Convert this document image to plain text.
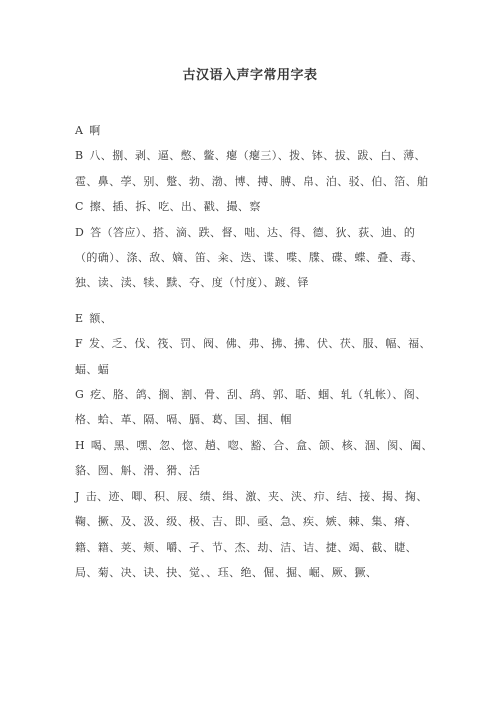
古汉语入声字常用字表

A 啊

B 八、捌、剥、逼、憋、鳖、瘪（瘪三）、拨、钵、拔、跋、白、薄、雹、鼻、荸、别、蹩、勃、渤、博、搏、膊、帛、泊、驳、伯、箔、舶

C 擦、插、拆、吃、出、戳、撮、察

D 答（答应）、搭、滴、跌、督、咄、达、得、德、狄、荻、迪、的（的确）、涤、敌、嫡、笛、籴、迭、谍、喋、牒、碟、蝶、叠、毒、独、读、渎、犊、黩、夺、度（忖度）、踱、铎

E 额、

F 发、乏、伐、筏、罚、阀、佛、弗、拂、拂、伏、茯、服、幅、福、蝠、蝠

G 疙、胳、鸽、搁、割、骨、刮、鸹、郭、聒、蝈、轧（轧帐）、阁、格、蛤、革、隔、嗝、膈、葛、国、掴、帼

H 喝、黑、嘿、忽、惚、趟、唿、豁、合、盒、颌、核、涸、阂、阖、貉、囫、斛、滑、猾、活

J 击、迹、唧、积、屐、绩、缉、激、夹、浃、疖、结、接、揭、掬、鞠、撅、及、汲、级、极、吉、即、亟、急、疾、嫉、棘、集、瘠、籍、籍、荚、颊、嚼、孑、节、杰、劫、洁、诘、捷、竭、截、睫、局、菊、决、诀、抉、觉、、珏、绝、倔、掘、崛、厥、獗、
